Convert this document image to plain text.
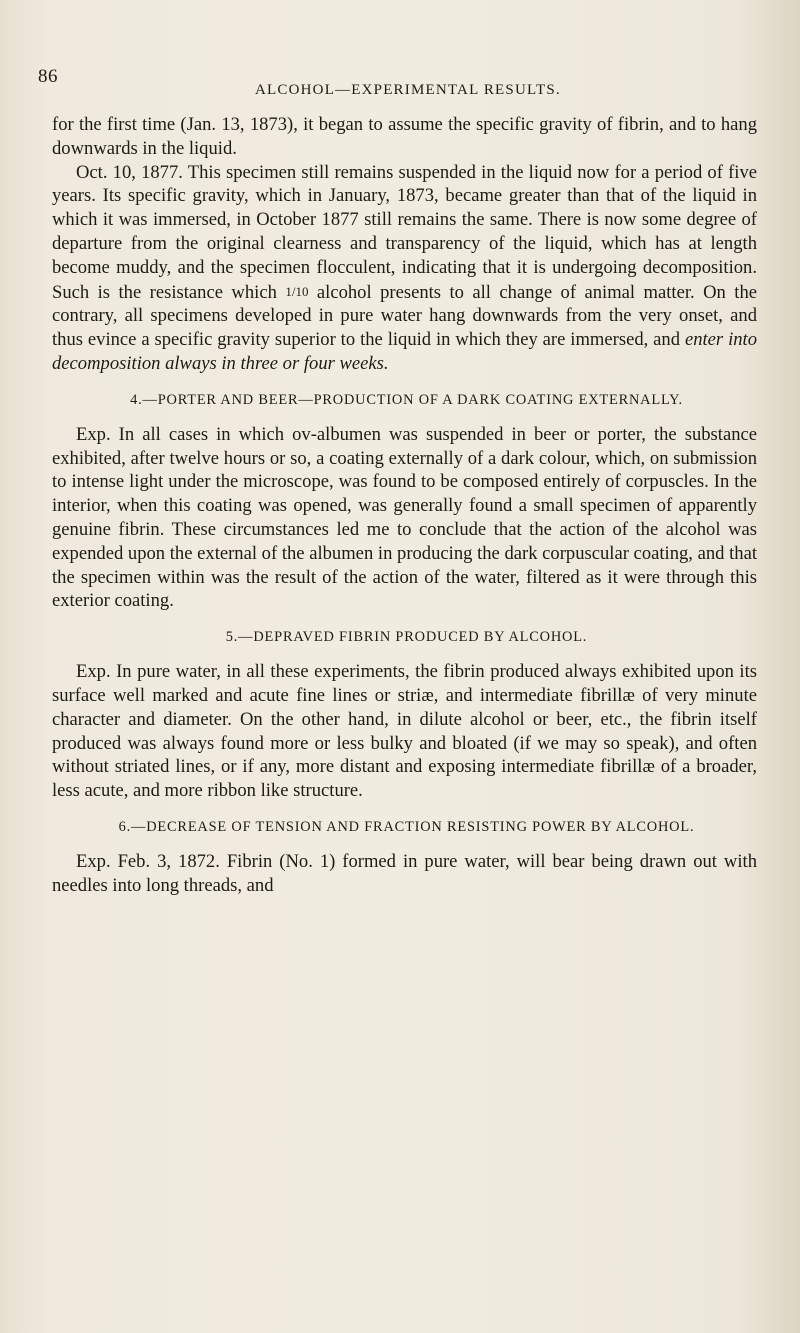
86
ALCOHOL—EXPERIMENTAL RESULTS.

for the first time (Jan. 13, 1873), it began to assume the specific gravity of fibrin, and to hang downwards in the liquid.

Oct. 10, 1877. This specimen still remains suspended in the liquid now for a period of five years. Its specific gravity, which in January, 1873, became greater than that of the liquid in which it was immersed, in October 1877 still remains the same. There is now some degree of departure from the original clearness and transparency of the liquid, which has at length become muddy, and the specimen flocculent, indicating that it is undergoing decomposition. Such is the resistance which 1/10 alcohol presents to all change of animal matter. On the contrary, all specimens developed in pure water hang downwards from the very onset, and thus evince a specific gravity superior to the liquid in which they are immersed, and enter into decomposition always in three or four weeks.

4.—PORTER AND BEER—PRODUCTION OF A DARK COATING EXTERNALLY.

Exp. In all cases in which ov-albumen was suspended in beer or porter, the substance exhibited, after twelve hours or so, a coating externally of a dark colour, which, on submission to intense light under the microscope, was found to be composed entirely of corpuscles. In the interior, when this coating was opened, was generally found a small specimen of apparently genuine fibrin. These circumstances led me to conclude that the action of the alcohol was expended upon the external of the albumen in producing the dark corpuscular coating, and that the specimen within was the result of the action of the water, filtered as it were through this exterior coating.

5.—DEPRAVED FIBRIN PRODUCED BY ALCOHOL.

Exp. In pure water, in all these experiments, the fibrin produced always exhibited upon its surface well marked and acute fine lines or striæ, and intermediate fibrillæ of very minute character and diameter. On the other hand, in dilute alcohol or beer, etc., the fibrin itself produced was always found more or less bulky and bloated (if we may so speak), and often without striated lines, or if any, more distant and exposing intermediate fibrillæ of a broader, less acute, and more ribbon like structure.

6.—DECREASE OF TENSION AND FRACTION RESISTING POWER BY ALCOHOL.

Exp. Feb. 3, 1872. Fibrin (No. 1) formed in pure water, will bear being drawn out with needles into long threads, and
